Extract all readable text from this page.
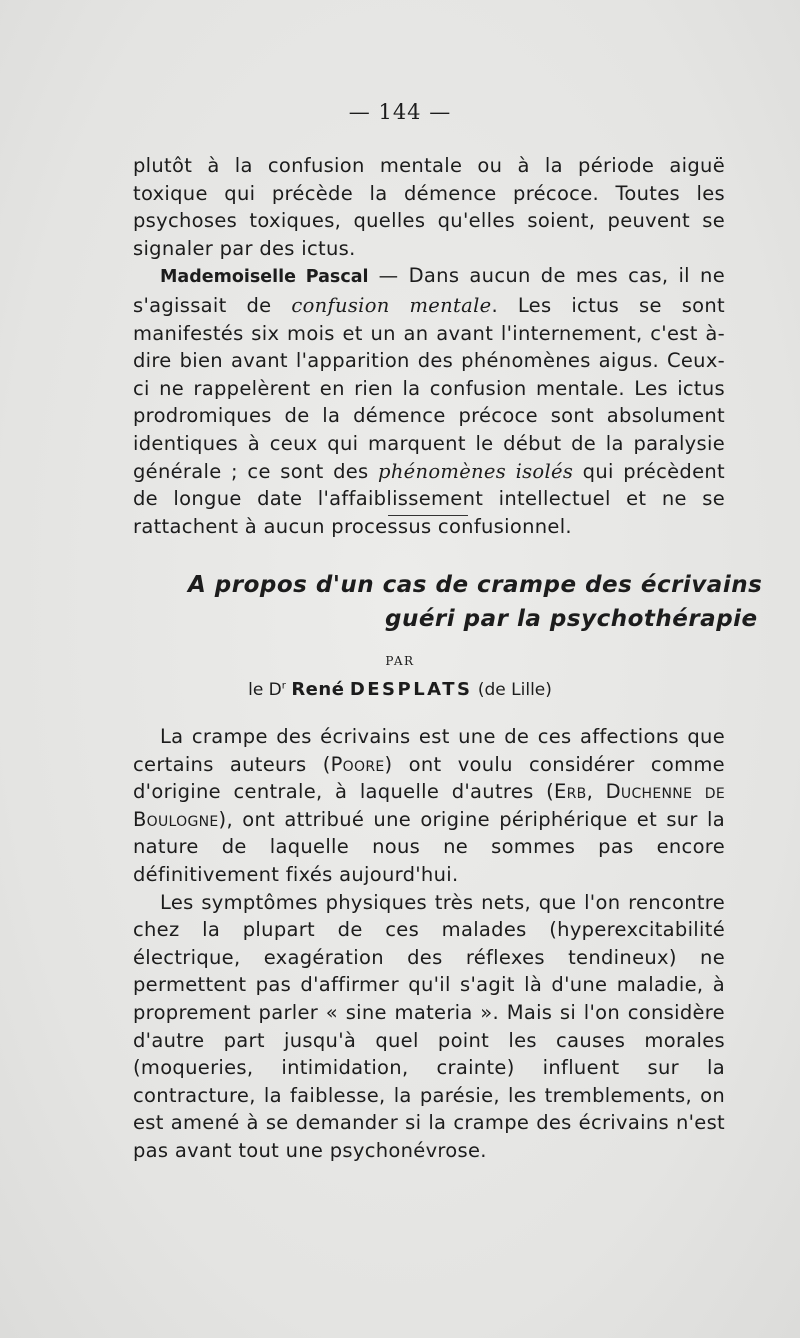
— 144 —

plutôt à la confusion mentale ou à la période aiguë toxique qui précède la démence précoce. Toutes les psychoses toxiques, quelles qu'elles soient, peuvent se signaler par des ictus.

Mademoiselle Pascal — Dans aucun de mes cas, il ne s'agissait de confusion mentale. Les ictus se sont manifestés six mois et un an avant l'internement, c'est à-dire bien avant l'apparition des phénomènes aigus. Ceux-ci ne rappelèrent en rien la confusion mentale. Les ictus prodromiques de la démence précoce sont absolument identiques à ceux qui marquent le début de la paralysie générale ; ce sont des phénomènes isolés qui précèdent de longue date l'affaiblissement intellectuel et ne se rattachent à aucun processus confusionnel.

A propos d'un cas de crampe des écrivains
guéri par la psychothérapie
PAR
le $D^r$ René DESPLATS (de Lille)

La crampe des écrivains est une de ces affections que certains auteurs (Poore) ont voulu considérer comme d'origine centrale, à laquelle d'autres (Erb, Duchenne de Boulogne), ont attribué une origine périphérique et sur la nature de laquelle nous ne sommes pas encore définitivement fixés aujourd'hui.

Les symptômes physiques très nets, que l'on rencontre chez la plupart de ces malades (hyperexcitabilité électrique, exagération des réflexes tendineux) ne permettent pas d'affirmer qu'il s'agit là d'une maladie, à proprement parler « sine materia ». Mais si l'on considère d'autre part jusqu'à quel point les causes morales (moqueries, intimidation, crainte) influent sur la contracture, la faiblesse, la parésie, les tremblements, on est amené à se demander si la crampe des écrivains n'est pas avant tout une psychonévrose.
